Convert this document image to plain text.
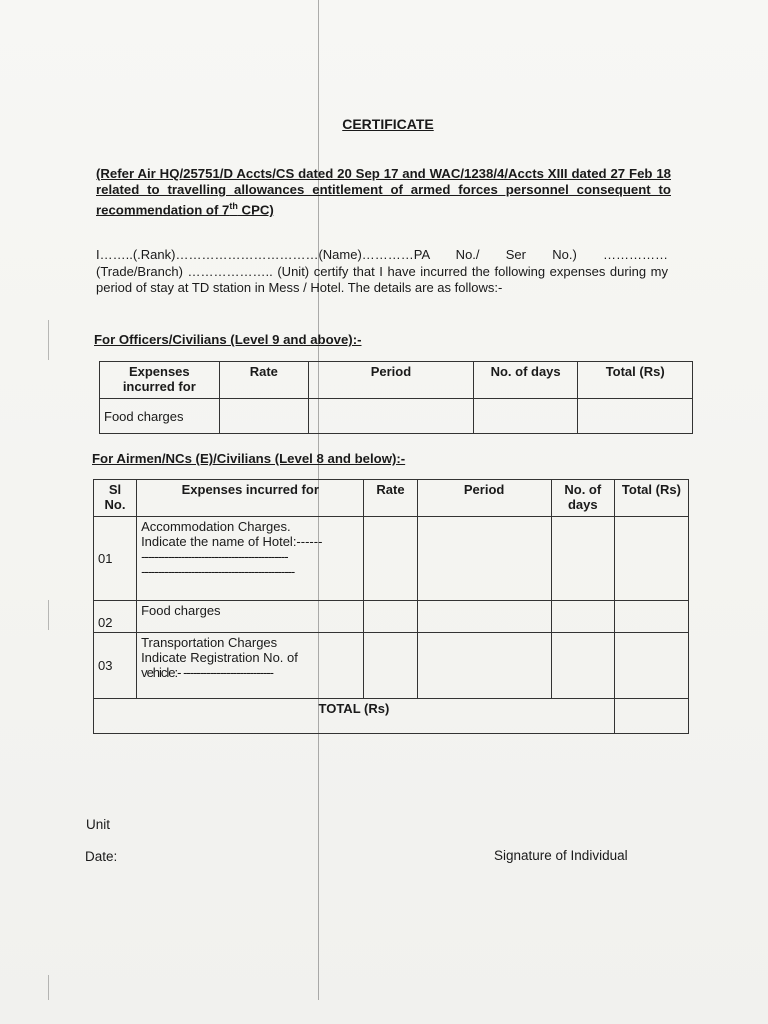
CERTIFICATE
(Refer Air HQ/25751/D Accts/CS dated 20 Sep 17 and WAC/1238/4/Accts XIII dated 27 Feb 18 related to travelling allowances entitlement of armed forces personnel consequent to recommendation of 7th CPC)
I……..(.Rank)……………………………(Name)…………PA No./ Ser No.) …………… (Trade/Branch) ……………….. (Unit) certify that I have incurred the following expenses during my period of stay at TD station in Mess / Hotel. The details are as follows:-
For Officers/Civilians (Level 9 and above):-
Expenses incurred for	Rate	Period	No. of days	Total (Rs)
Food charges				
For Airmen/NCs (E)/Civilians (Level 8 and below):-
Sl No.	Expenses incurred for	Rate	Period	No. of days	Total (Rs)
01	Accommodation Charges.
Indicate the name of Hotel:------
--------------------------------------------
----------------------------------------------				

02	Food charges				
03	Transportation Charges
Indicate Registration No. of
vehicle:- ---------------------------				

TOTAL (Rs)					
Unit
Date:	Signature of Individual
